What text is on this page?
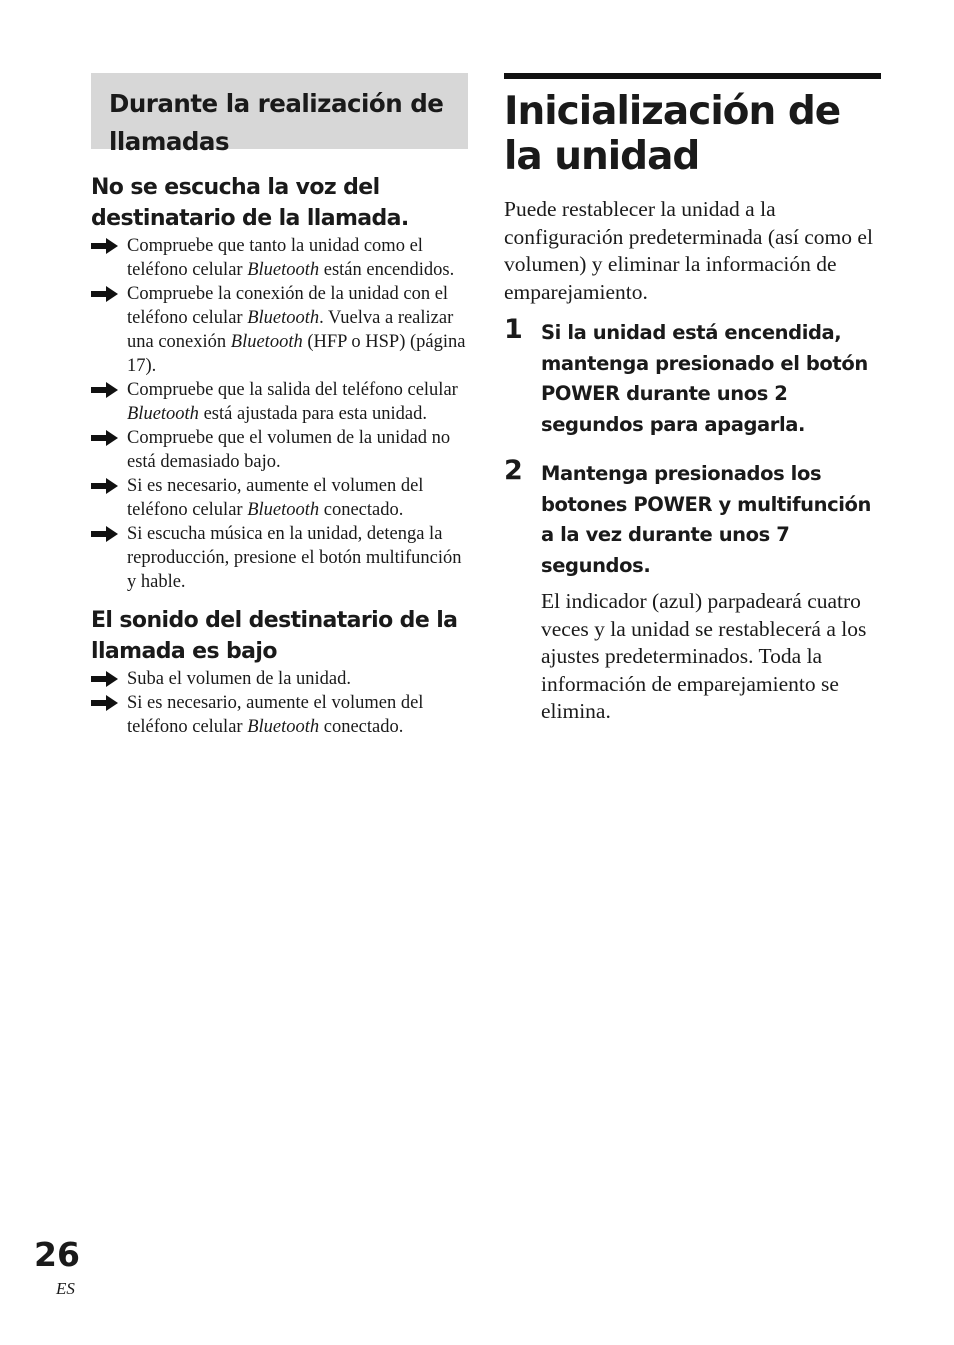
Durante la realización de llamadas
No se escucha la voz del destinatario de la llamada.
Compruebe que tanto la unidad como el teléfono celular Bluetooth están encendidos.
Compruebe la conexión de la unidad con el teléfono celular Bluetooth. Vuelva a realizar una conexión Bluetooth (HFP o HSP) (página 17).
Compruebe que la salida del teléfono celular Bluetooth está ajustada para esta unidad.
Compruebe que el volumen de la unidad no está demasiado bajo.
Si es necesario, aumente el volumen del teléfono celular Bluetooth conectado.
Si escucha música en la unidad, detenga la reproducción, presione el botón multifunción y hable.
El sonido del destinatario de la llamada es bajo
Suba el volumen de la unidad.
Si es necesario, aumente el volumen del teléfono celular Bluetooth conectado.
Inicialización de la unidad
Puede restablecer la unidad a la configuración predeterminada (así como el volumen) y eliminar la información de emparejamiento.
1 Si la unidad está encendida, mantenga presionado el botón POWER durante unos 2 segundos para apagarla.
2 Mantenga presionados los botones POWER y multifunción a la vez durante unos 7 segundos.
El indicador (azul) parpadeará cuatro veces y la unidad se restablecerá a los ajustes predeterminados. Toda la información de emparejamiento se elimina.
26
ES
